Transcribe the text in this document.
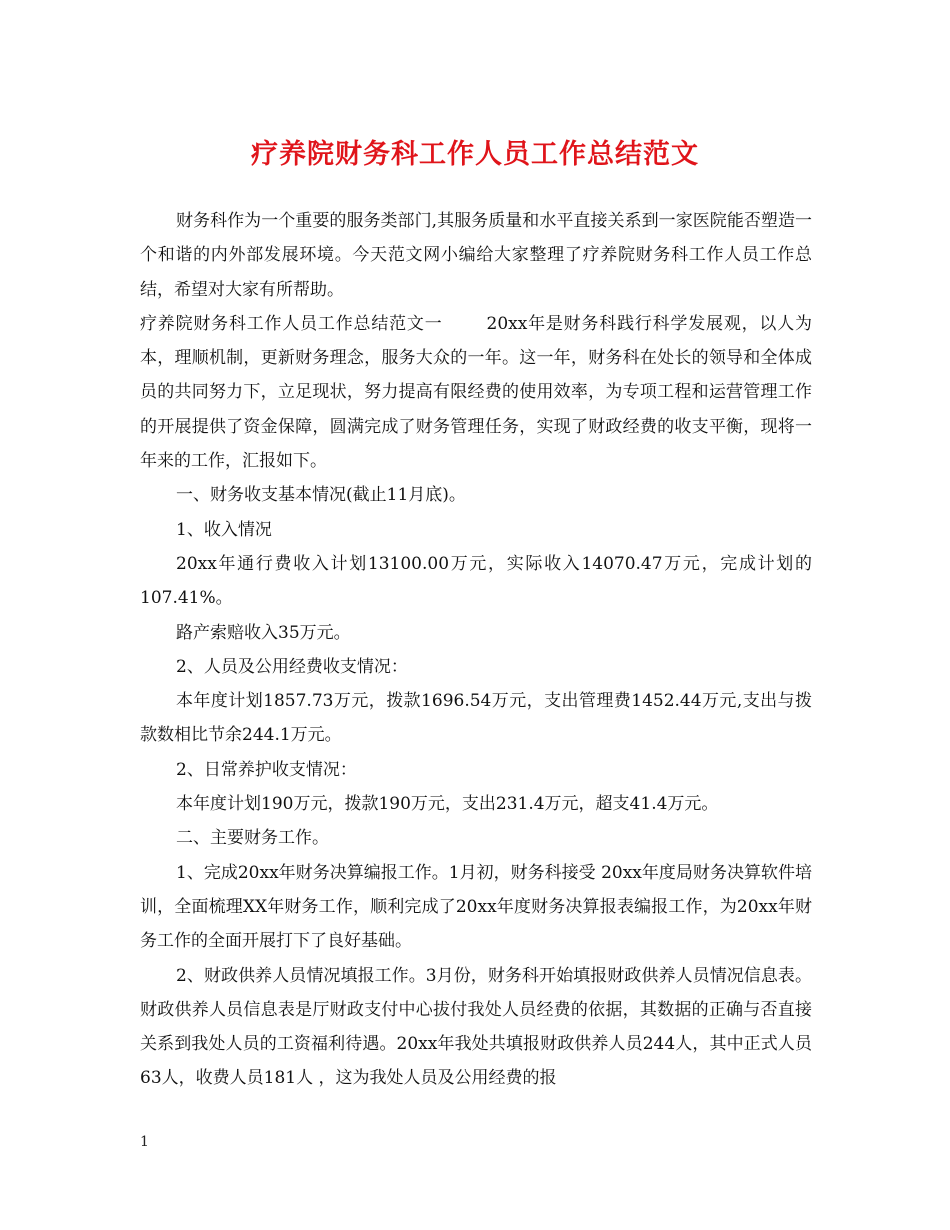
疗养院财务科工作人员工作总结范文

财务科作为一个重要的服务类部门,其服务质量和水平直接关系到一家医院能否塑造一个和谐的内外部发展环境。今天范文网小编给大家整理了疗养院财务科工作人员工作总结，希望对大家有所帮助。

疗养院财务科工作人员工作总结范文一	20xx年是财务科践行科学发展观，以人为本，理顺机制，更新财务理念，服务大众的一年。这一年，财务科在处长的领导和全体成员的共同努力下，立足现状，努力提高有限经费的使用效率，为专项工程和运营管理工作的开展提供了资金保障，圆满完成了财务管理任务，实现了财政经费的收支平衡，现将一年来的工作，汇报如下。

一、财务收支基本情况(截止11月底)。

1、收入情况

20xx年通行费收入计划13100.00万元，实际收入14070.47万元，完成计划的107.41%。

路产索赔收入35万元。

2、人员及公用经费收支情况：

本年度计划1857.73万元，拨款1696.54万元，支出管理费1452.44万元,支出与拨款数相比节余244.1万元。

2、日常养护收支情况：

本年度计划190万元，拨款190万元，支出231.4万元，超支41.4万元。

二、主要财务工作。

1、完成20xx年财务决算编报工作。1月初，财务科接受 20xx年度局财务决算软件培训，全面梳理XX年财务工作，顺利完成了20xx年度财务决算报表编报工作，为20xx年财务工作的全面开展打下了良好基础。

2、财政供养人员情况填报工作。3月份，财务科开始填报财政供养人员情况信息表。财政供养人员信息表是厅财政支付中心拔付我处人员经费的依据，其数据的正确与否直接关系到我处人员的工资福利待遇。20xx年我处共填报财政供养人员244人，其中正式人员63人，收费人员181人 ，这为我处人员及公用经费的报

1
